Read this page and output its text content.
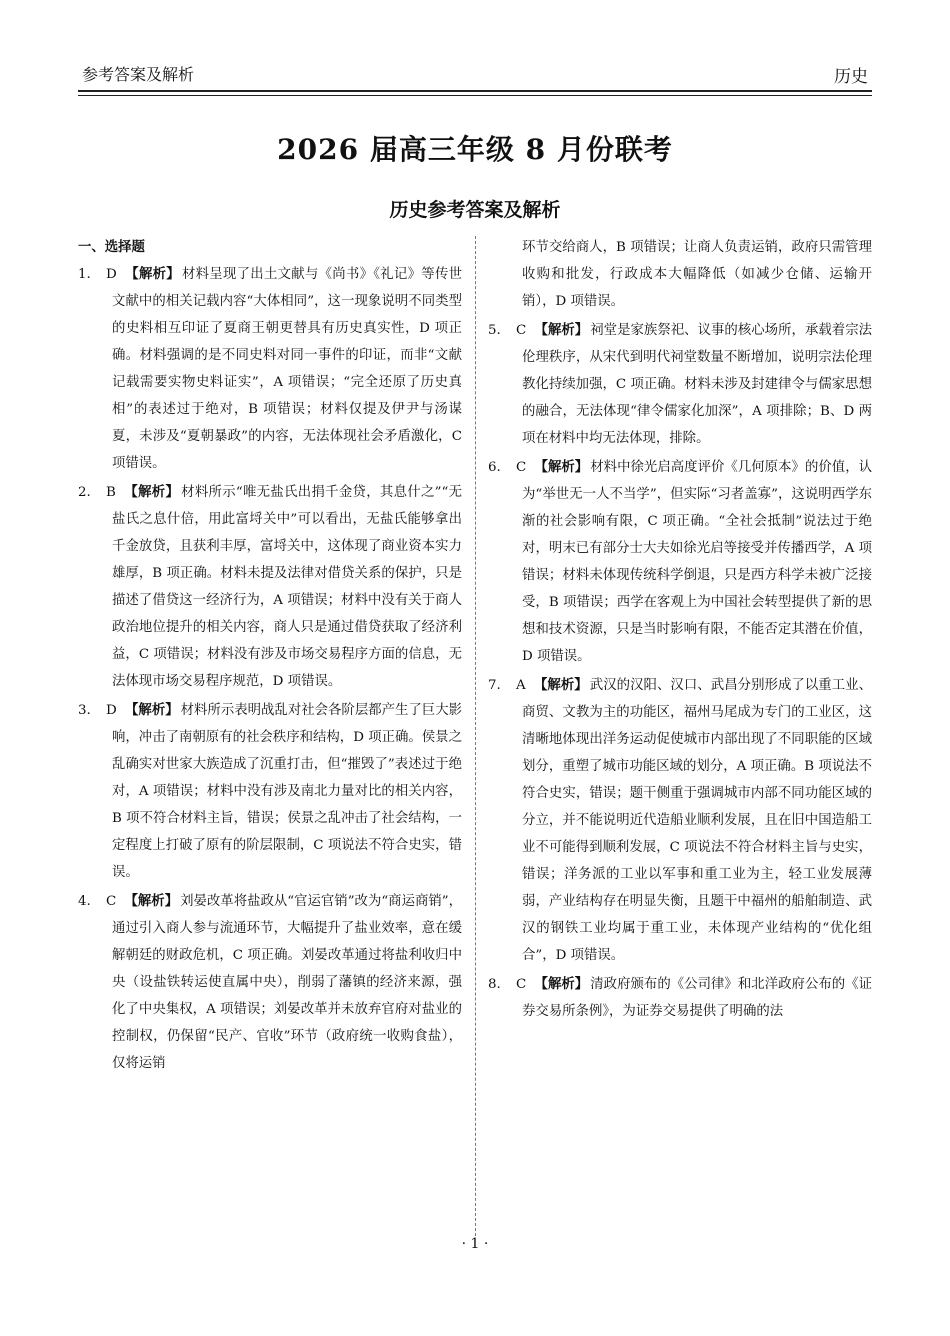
参考答案及解析	历史
2026 届高三年级 8 月份联考
历史参考答案及解析

一、选择题

1. D 【解析】 材料呈现了出土文献与《尚书》《礼记》等传世文献中的相关记载内容“大体相同”，这一现象说明不同类型的史料相互印证了夏商王朝更替具有历史真实性，D 项正确。材料强调的是不同史料对同一事件的印证，而非“文献记载需要实物史料证实”，A 项错误；“完全还原了历史真相”的表述过于绝对，B 项错误；材料仅提及伊尹与汤谋夏，未涉及“夏朝暴政”的内容，无法体现社会矛盾激化，C 项错误。

2. B 【解析】 材料所示“唯无盐氏出捐千金贷，其息什之”“无盐氏之息什倍，用此富埒关中”可以看出，无盐氏能够拿出千金放贷，且获利丰厚，富埒关中，这体现了商业资本实力雄厚，B 项正确。材料未提及法律对借贷关系的保护，只是描述了借贷这一经济行为，A 项错误；材料中没有关于商人政治地位提升的相关内容，商人只是通过借贷获取了经济利益，C 项错误；材料没有涉及市场交易程序方面的信息，无法体现市场交易程序规范，D 项错误。

3. D 【解析】 材料所示表明战乱对社会各阶层都产生了巨大影响，冲击了南朝原有的社会秩序和结构，D 项正确。侯景之乱确实对世家大族造成了沉重打击，但“摧毁了”表述过于绝对，A 项错误；材料中没有涉及南北力量对比的相关内容，B 项不符合材料主旨，错误；侯景之乱冲击了社会结构，一定程度上打破了原有的阶层限制，C 项说法不符合史实，错误。

4. C 【解析】 刘晏改革将盐政从“官运官销”改为“商运商销”，通过引入商人参与流通环节，大幅提升了盐业效率，意在缓解朝廷的财政危机，C 项正确。刘晏改革通过将盐利收归中央（设盐铁转运使直属中央），削弱了藩镇的经济来源，强化了中央集权，A 项错误；刘晏改革并未放弃官府对盐业的控制权，仍保留“民产、官收”环节（政府统一收购食盐），仅将运销

环节交给商人，B 项错误；让商人负责运销，政府只需管理收购和批发，行政成本大幅降低（如减少仓储、运输开销），D 项错误。

5. C 【解析】 祠堂是家族祭祀、议事的核心场所，承载着宗法伦理秩序，从宋代到明代祠堂数量不断增加，说明宗法伦理教化持续加强，C 项正确。材料未涉及封建律令与儒家思想的融合，无法体现“律令儒家化加深”，A 项排除；B、D 两项在材料中均无法体现，排除。

6. C 【解析】 材料中徐光启高度评价《几何原本》的价值，认为“举世无一人不当学”，但实际“习者盖寡”，这说明西学东渐的社会影响有限，C 项正确。“全社会抵制”说法过于绝对，明末已有部分士大夫如徐光启等接受并传播西学，A 项错误；材料未体现传统科学倒退，只是西方科学未被广泛接受，B 项错误；西学在客观上为中国社会转型提供了新的思想和技术资源，只是当时影响有限，不能否定其潜在价值，D 项错误。

7. A 【解析】 武汉的汉阳、汉口、武昌分别形成了以重工业、商贸、文教为主的功能区，福州马尾成为专门的工业区，这清晰地体现出洋务运动促使城市内部出现了不同职能的区域划分，重塑了城市功能区域的划分，A 项正确。B 项说法不符合史实，错误；题干侧重于强调城市内部不同功能区域的分立，并不能说明近代造船业顺利发展，且在旧中国造船工业不可能得到顺利发展，C 项说法不符合材料主旨与史实，错误；洋务派的工业以军事和重工业为主，轻工业发展薄弱，产业结构存在明显失衡，且题干中福州的船舶制造、武汉的钢铁工业均属于重工业，未体现产业结构的“优化组合”，D 项错误。

8. C 【解析】 清政府颁布的《公司律》和北洋政府公布的《证券交易所条例》，为证券交易提供了明确的法

· 1 ·
